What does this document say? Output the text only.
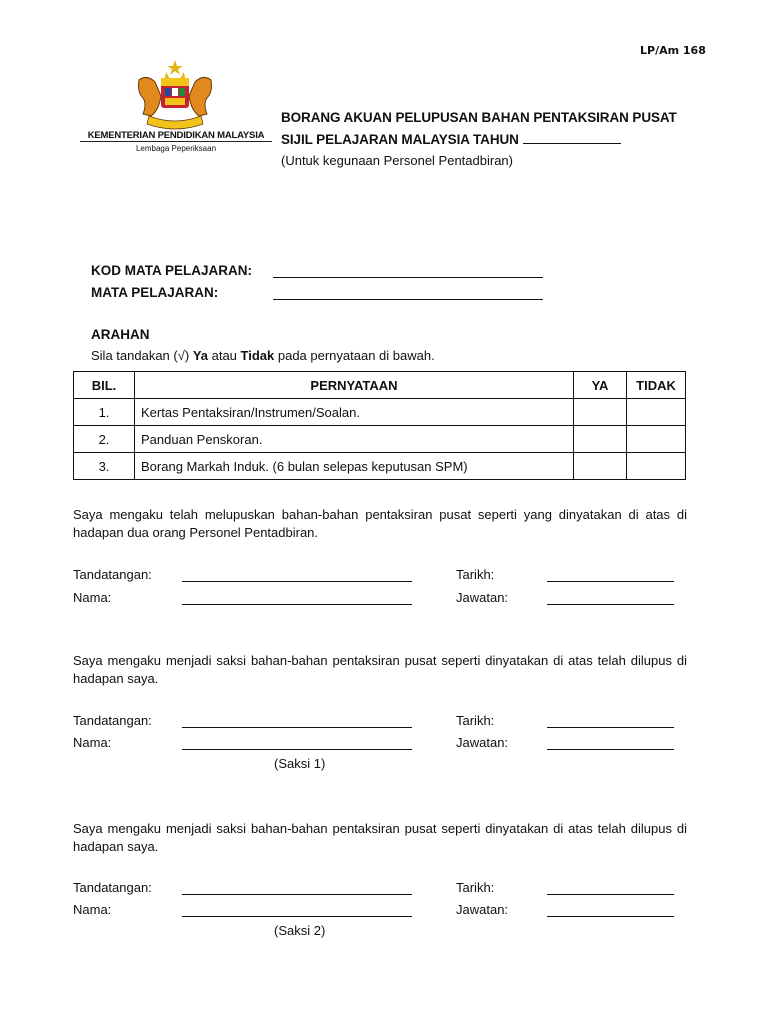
LP/Am 168
KEMENTERIAN PENDIDIKAN MALAYSIA
Lembaga Peperiksaan
BORANG AKUAN PELUPUSAN BAHAN PENTAKSIRAN PUSAT
SIJIL PELAJARAN MALAYSIA TAHUN
(Untuk kegunaan Personel Pentadbiran)
KOD MATA PELAJARAN:
MATA PELAJARAN:
ARAHAN
Sila tandakan (√) Ya atau Tidak pada pernyataan di bawah.
BIL.	PERNYATAAN	YA	TIDAK
1.	Kertas Pentaksiran/Instrumen/Soalan.		
2.	Panduan Penskoran.		
3.	Borang Markah Induk. (6 bulan selepas keputusan SPM)		
Saya mengaku telah melupuskan bahan-bahan pentaksiran pusat seperti yang dinyatakan di atas di hadapan dua orang Personel Pentadbiran.
Tandatangan:	Tarikh:
Nama:	Jawatan:
Saya mengaku menjadi saksi bahan-bahan pentaksiran pusat seperti dinyatakan di atas telah dilupus di hadapan saya.
Tandatangan:	Tarikh:
Nama:	Jawatan:
(Saksi 1)
Saya mengaku menjadi saksi bahan-bahan pentaksiran pusat seperti dinyatakan di atas telah dilupus di hadapan saya.
Tandatangan:	Tarikh:
Nama:	Jawatan:
(Saksi 2)
